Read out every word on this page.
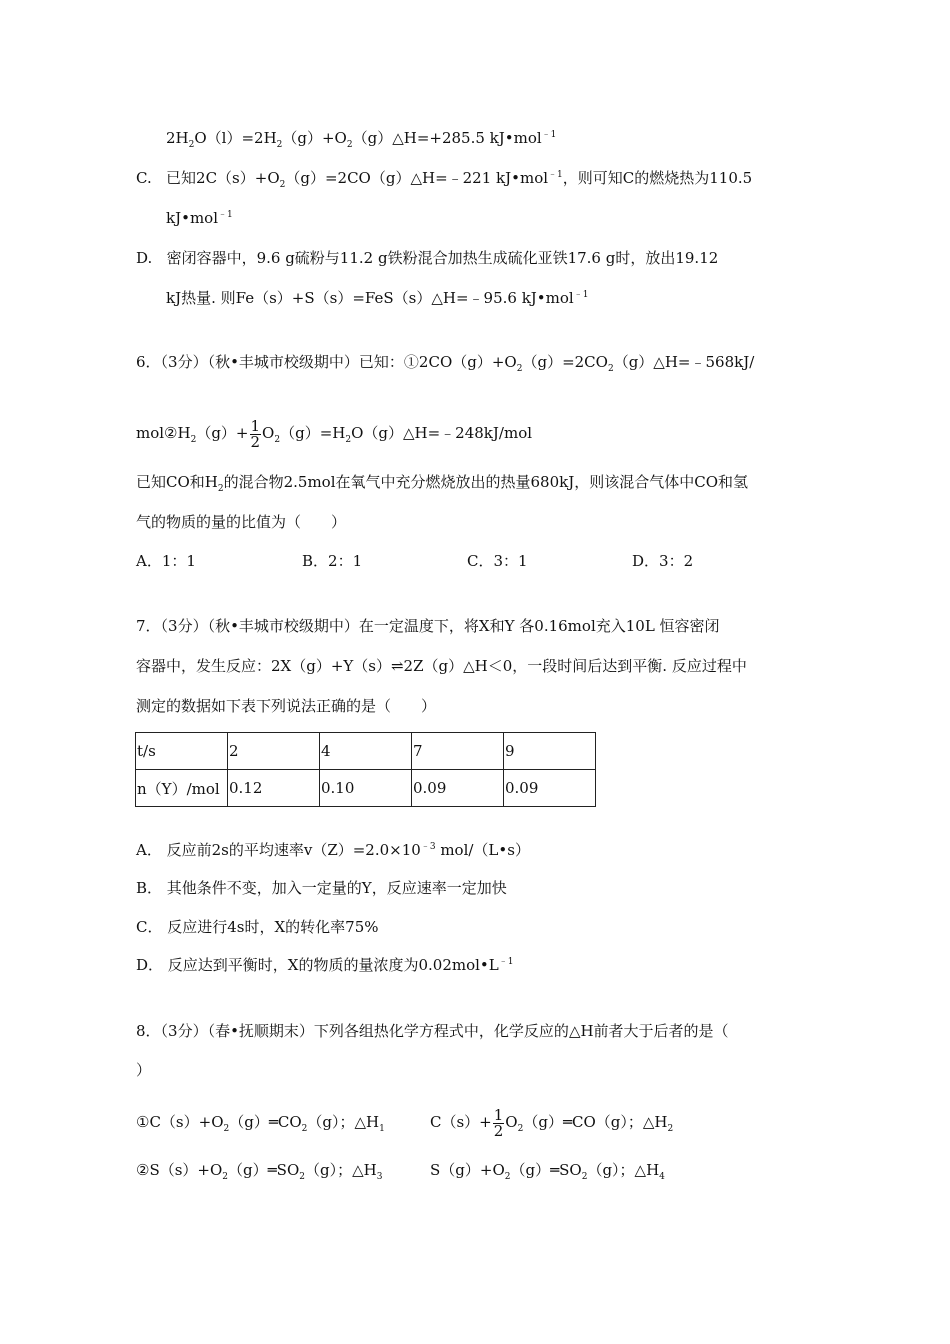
$2H_2O(l)=2H_2(g)+O_2(g)\triangle H=+285.5$ kJ•mol$^{﹣1}$
C. 已知$2C(s)+O_2(g)=2CO(g)\triangle H=﹣221$ kJ•mol$^{﹣1}$，则可知C的燃烧热为110.5
kJ•mol$^{﹣1}$
D. 密闭容器中，9.6 g硫粉与11.2 g铁粉混合加热生成硫化亚铁17.6 g时，放出19.12
kJ热量. 则Fe（s）+S（s）=FeS（s）△H=﹣95.6 kJ•mol$^{﹣1}$
6．（3分）（秋•丰城市校级期中）已知：$①2CO(g)+O_2(g)=2CO_2(g)\triangle H=﹣568kJ/$
$mol②H_2(g)+ \frac{1}{2}$ $O_2(g)=H_2O(g)\triangle H=﹣248kJ$/mol
已知CO和$H_2$的混合物2.5mol在氧气中充分燃烧放出的热量680kJ，则该混合气体中CO和氢
气的物质的量的比值为（　　）
A．1：1	B．2：1	C．3：1	D．3：2
7．（3分）（秋•丰城市校级期中）在一定温度下，将X和Y 各0.16mol充入10L 恒容密闭
容器中，发生反应：2X（g）+Y（s）⇌2Z（g）△H＜0，一段时间后达到平衡. 反应过程中
测定的数据如下表下列说法正确的是（　　）
t/s	2	4	7	9
n（Y）/mol	0.12	0.10	0.09	0.09
A． 反应前2s的平均速率$v(Z)=2.0\times 10^{﹣3}$ mol/（L•s）
B． 其他条件不变，加入一定量的Y，反应速率一定加快
C． 反应进行4s时，X的转化率75%
D． 反应达到平衡时，X的物质的量浓度为$0.02mol•L^{﹣1}$
8．（3分）（春•抚顺期末）下列各组热化学方程式中，化学反应的△H前者大于后者的是（
）
$①C(s)+O_2(g)═CO_2(g)$；$\triangle H_1$	$C(s)+ \frac{1}{2}$ $O_2(g)═CO(g)$；$\triangle H_2$
$②S(s)+O_2(g)═SO_2(g)$；$\triangle H_3$	$S(g)+O_2(g)═SO_2(g)$；$\triangle H_4$
